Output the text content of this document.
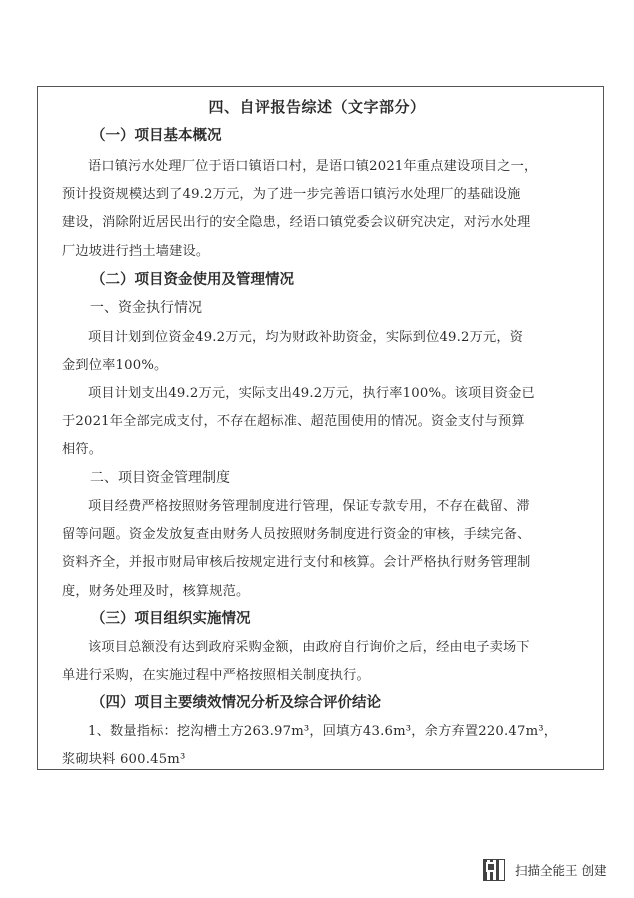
四、自评报告综述（文字部分）
（一）项目基本概况
语口镇污水处理厂位于语口镇语口村，是语口镇2021年重点建设项目之一，
预计投资规模达到了49.2万元，为了进一步完善语口镇污水处理厂的基础设施
建设，消除附近居民出行的安全隐患，经语口镇党委会议研究决定，对污水处理
厂边坡进行挡土墙建设。
（二）项目资金使用及管理情况
一、资金执行情况
项目计划到位资金49.2万元，均为财政补助资金，实际到位49.2万元，资
金到位率100%。
项目计划支出49.2万元，实际支出49.2万元，执行率100%。该项目资金已
于2021年全部完成支付，不存在超标准、超范围使用的情况。资金支付与预算
相符。
二、项目资金管理制度
项目经费严格按照财务管理制度进行管理，保证专款专用，不存在截留、滞
留等问题。资金发放复查由财务人员按照财务制度进行资金的审核，手续完备、
资料齐全，并报市财局审核后按规定进行支付和核算。会计严格执行财务管理制
度，财务处理及时，核算规范。
（三）项目组织实施情况
该项目总额没有达到政府采购金额，由政府自行询价之后，经由电子卖场下
单进行采购，在实施过程中严格按照相关制度执行。
（四）项目主要绩效情况分析及综合评价结论
1、数量指标：挖沟槽土方263.97m³，回填方43.6m³，余方弃置220.47m³，
浆砌块料 600.45m³
扫描全能王 创建
